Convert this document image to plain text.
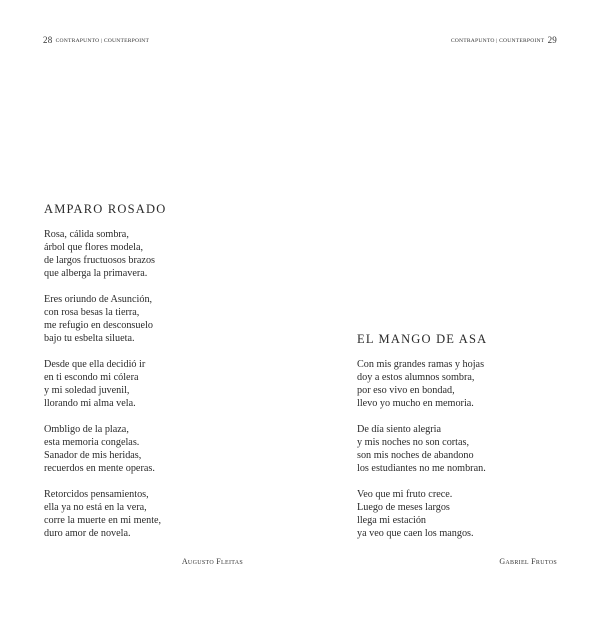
28 CONTRAPUNTO | COUNTERPOINT
AMPARO ROSADO
Rosa, cálida sombra,
árbol que flores modela,
de largos fructuosos brazos
que alberga la primavera.
Eres oriundo de Asunción,
con rosa besas la tierra,
me refugio en desconsuelo
bajo tu esbelta silueta.
Desde que ella decidió ir
en ti escondo mi cólera
y mi soledad juvenil,
llorando mi alma vela.
Ombligo de la plaza,
esta memoria congelas.
Sanador de mis heridas,
recuerdos en mente operas.
Retorcidos pensamientos,
ella ya no está en la vera,
corre la muerte en mi mente,
duro amor de novela.
Augusto Fleitas
CONTRAPUNTO | COUNTERPOINT 29
EL MANGO DE ASA
Con mis grandes ramas y hojas
doy a estos alumnos sombra,
por eso vivo en bondad,
llevo yo mucho en memoria.
De día siento alegria
y mis noches no son cortas,
son mis noches de abandono
los estudiantes no me nombran.
Veo que mi fruto crece.
Luego de meses largos
llega mi estación
ya veo que caen los mangos.
Gabriel Frutos
